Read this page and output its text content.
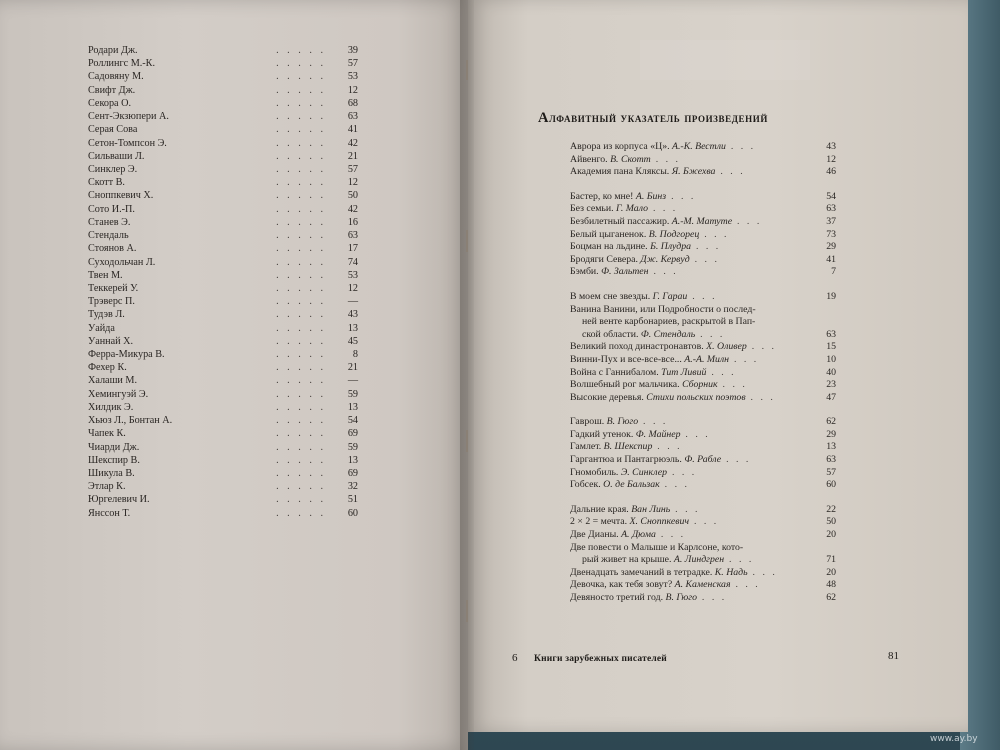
Родари Дж.	. . . . . 39
Роллингс М.-К.	. . . . . 57
Садовяну М.	. . . . . 53
Свифт Дж.	. . . . . 12
Секора О.	. . . . . 68
Сент-Экзюпери А.	. . . . . 63
Серая Сова	. . . . . 41
Сетон-Томпсон Э.	. . . . . 42
Сильваши Л.	. . . . . 21
Синклер Э.	. . . . . 57
Скотт В.	. . . . . 12
Сноппкевич Х.	. . . . . 50
Сото И.-П.	. . . . . 42
Станев Э.	. . . . . 16
Стендаль	. . . . . 63
Стоянов А.	. . . . . 17
Суходольчан Л.	. . . . . 74
Твен М.	. . . . . 53
Теккерей У.	. . . . . 12
Трэверс П.	. . . . . —
Тудэв Л.	. . . . . 43
Уайда	. . . . . 13
Уаннай Х.	. . . . . 45
Ферра-Микура В.	. . . . .	8
Фехер К.	. . . . . 21
Халаши М.	. . . . . —
Хемингуэй Э.	. . . . . 59
Хилдик Э.	. . . . . 13
Хьюз Л., Бонтан А.	. . . . . 54
Чапек К.	. . . . . 69
Чиарди Дж.	. . . . . 59
Шекспир В.	. . . . . 13
Шикула В.	. . . . . 69
Этлар К.	. . . . . 32
Юргелевич И.	. . . . . 51
Янссон Т.	. . . . . 60
Алфавитный указатель произведений
Аврора из корпуса «Ц». А.-К. Вестли . . .	43
Айвенго. В. Скотт . . .	12
Академия пана Кляксы. Я. Бжехва . . .	46
Бастер, ко мне! А. Бинз . . .	54
Без семьи. Г. Мало . . .	63
Безбилетный пассажир. А.-М. Матуте . . .	37
Белый цыганенок. В. Подгорец . . .	73
Боцман на льдине. Б. Плудра . . .	29
Бродяги Севера. Дж. Кервуд . . .	41
Бэмби. Ф. Зальтен . . .	7
В моем сне звезды. Г. Гараи . . .	19
Ванина Ванини, или Подробности о послед-
ней венте карбонариев, раскрытой в Пап-
ской области. Ф. Стендаль . . .	63
Великий поход династронавтов. Х. Оливер . . .	15
Винни-Пух и все-все-все... А.-А. Милн . . .	10
Война с Ганнибалом. Тит Ливий . . .	40
Волшебный рог мальчика. Сборник . . .	23
Высокие деревья. Стихи польских поэтов . . .	47
Гаврош. В. Гюго . . .	62
Гадкий утенок. Ф. Майнер . . .	29
Гамлет. В. Шекспир . . .	13
Гаргантюа и Пантагрюэль. Ф. Рабле . . .	63
Гномобиль. Э. Синклер . . .	57
Гобсек. О. де Бальзак . . .	60
Дальние края. Ван Линь . . .	22
2 × 2 = мечта. Х. Сноппкевич . . .	50
Две Дианы. А. Дюма . . .	20
Две повести о Малыше и Карлсоне, кото-
рый живет на крыше. А. Линдгрен . . .	71
Двенадцать замечаний в тетрадке. К. Надь . . .	20
Девочка, как тебя зовут? А. Каменская . . .	48
Девяносто третий год. В. Гюго . . .	62
6 Книги зарубежных писателей	81
www.ay.by
